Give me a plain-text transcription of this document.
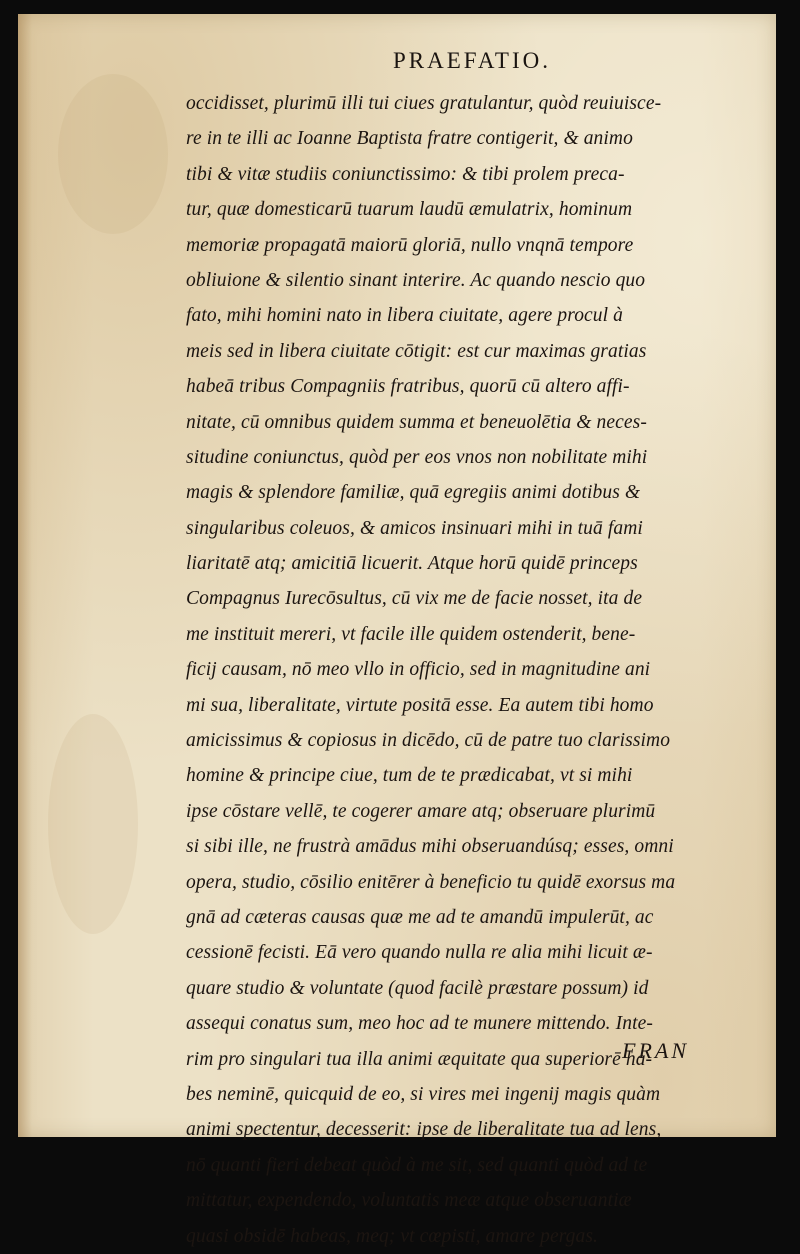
PRAEFATIO.
occidisset, plurimū illi tui ciues gratulantur, quòd reuiuisce-
re in te illi ac Ioanne Baptista fratre contigerit, & animo
tibi & vitæ studiis coniunctissimo: & tibi prolem preca-
tur, quæ domesticarū tuarum laudū æmulatrix, hominum
memoriæ propagatā maiorū gloriā, nullo vnqnā tempore
obliuione & silentio sinant interire. Ac quando nescio quo
fato, mihi homini nato in libera ciuitate, agere procul à
meis sed in libera ciuitate cōtigit: est cur maximas gratias
habeā tribus Compagniis fratribus, quorū cū altero affi-
nitate, cū omnibus quidem summa et beneuolētia & neces-
situdine coniunctus, quòd per eos vnos non nobilitate mihi
magis & splendore familiæ, quā egregiis animi dotibus &
singularibus coleuos, & amicos insinuari mihi in tuā fami
liaritatē atq; amicitiā licuerit. Atque horū quidē princeps
Compagnus Iurecōsultus, cū vix me de facie nosset, ita de
me instituit mereri, vt facile ille quidem ostenderit, bene-
ficij causam, nō meo vllo in officio, sed in magnitudine ani
mi sua, liberalitate, virtute positā esse. Ea autem tibi homo
amicissimus & copiosus in dicēdo, cū de patre tuo clarissimo
homine & principe ciue, tum de te prædicabat, vt si mihi
ipse cōstare vellē, te cogerer amare atq; obseruare plurimū
si sibi ille, ne frustrà amādus mihi obseruandúsq; esses, omni
opera, studio, cōsilio enitērer à beneficio tu quidē exorsus ma
gnā ad cæteras causas quæ me ad te amandū impulerūt, ac
cessionē fecisti. Eā vero quando nulla re alia mihi licuit æ-
quare studio & voluntate (quod facilè præstare possum) id
assequi conatus sum, meo hoc ad te munere mittendo. Inte-
rim pro singulari tua illa animi æquitate qua superiorē ha-
bes neminē, quicquid de eo, si vires mei ingenij magis quàm
animi spectentur, decesserit: ipse de liberalitate tua ad lens,
nō quanti fieri debeat quòd à me sit, sed quanti quòd ad te
mittatur, expendendo, voluntatis meæ atque obseruantiæ
quasi obsidē habeas, meq; vt cœpisti, amare pergas.
FRAN
